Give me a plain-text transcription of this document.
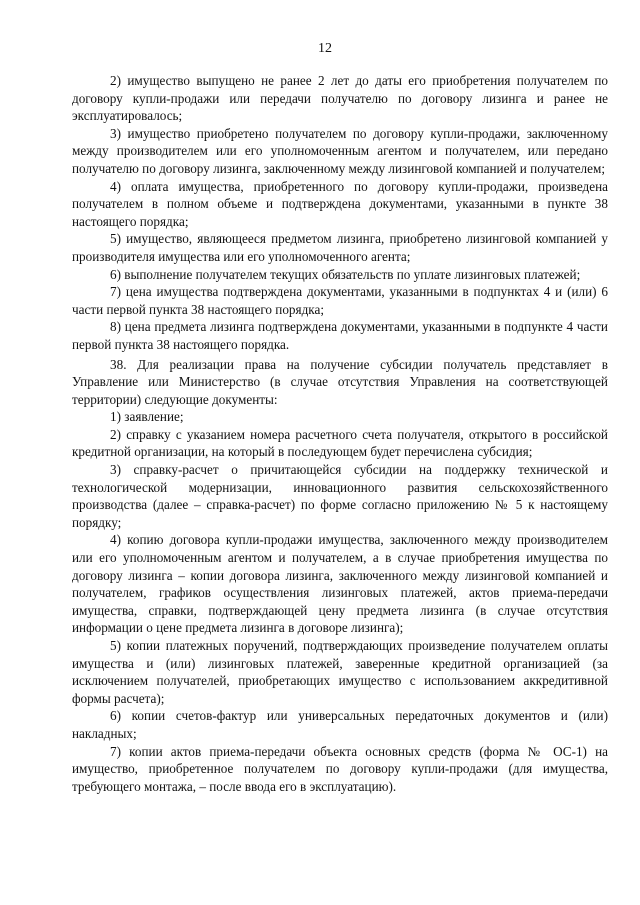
12

2) имущество выпущено не ранее 2 лет до даты его приобретения получателем по договору купли-продажи или передачи получателю по договору лизинга и ранее не эксплуатировалось;

3) имущество приобретено получателем по договору купли-продажи, заключенному между производителем или его уполномоченным агентом и получателем, или передано получателю по договору лизинга, заключенному между лизинговой компанией и получателем;

4) оплата имущества, приобретенного по договору купли-продажи, произведена получателем в полном объеме и подтверждена документами, указанными в пункте 38 настоящего порядка;

5) имущество, являющееся предметом лизинга, приобретено лизинговой компанией у производителя имущества или его уполномоченного агента;

6) выполнение получателем текущих обязательств по уплате лизинговых платежей;

7) цена имущества подтверждена документами, указанными в подпунктах 4 и (или) 6 части первой пункта 38 настоящего порядка;

8) цена предмета лизинга подтверждена документами, указанными в подпункте 4 части первой пункта 38 настоящего порядка.

38. Для реализации права на получение субсидии получатель представляет в Управление или Министерство (в случае отсутствия Управления на соответствующей территории) следующие документы:

1) заявление;

2) справку с указанием номера расчетного счета получателя, открытого в российской кредитной организации, на который в последующем будет перечислена субсидия;

3) справку-расчет о причитающейся субсидии на поддержку технической и технологической модернизации, инновационного развития сельскохозяйственного производства (далее – справка-расчет) по форме согласно приложению № 5 к настоящему порядку;

4) копию договора купли-продажи имущества, заключенного между производителем или его уполномоченным агентом и получателем, а в случае приобретения имущества по договору лизинга – копии договора лизинга, заключенного между лизинговой компанией и получателем, графиков осуществления лизинговых платежей, актов приема-передачи имущества, справки, подтверждающей цену предмета лизинга (в случае отсутствия информации о цене предмета лизинга в договоре лизинга);

5) копии платежных поручений, подтверждающих произведение получателем оплаты имущества и (или) лизинговых платежей, заверенные кредитной организацией (за исключением получателей, приобретающих имущество с использованием аккредитивной формы расчета);

6) копии счетов-фактур или универсальных передаточных документов и (или) накладных;

7) копии актов приема-передачи объекта основных средств (форма № ОС-1) на имущество, приобретенное получателем по договору купли-продажи (для имущества, требующего монтажа, – после ввода его в эксплуатацию).
